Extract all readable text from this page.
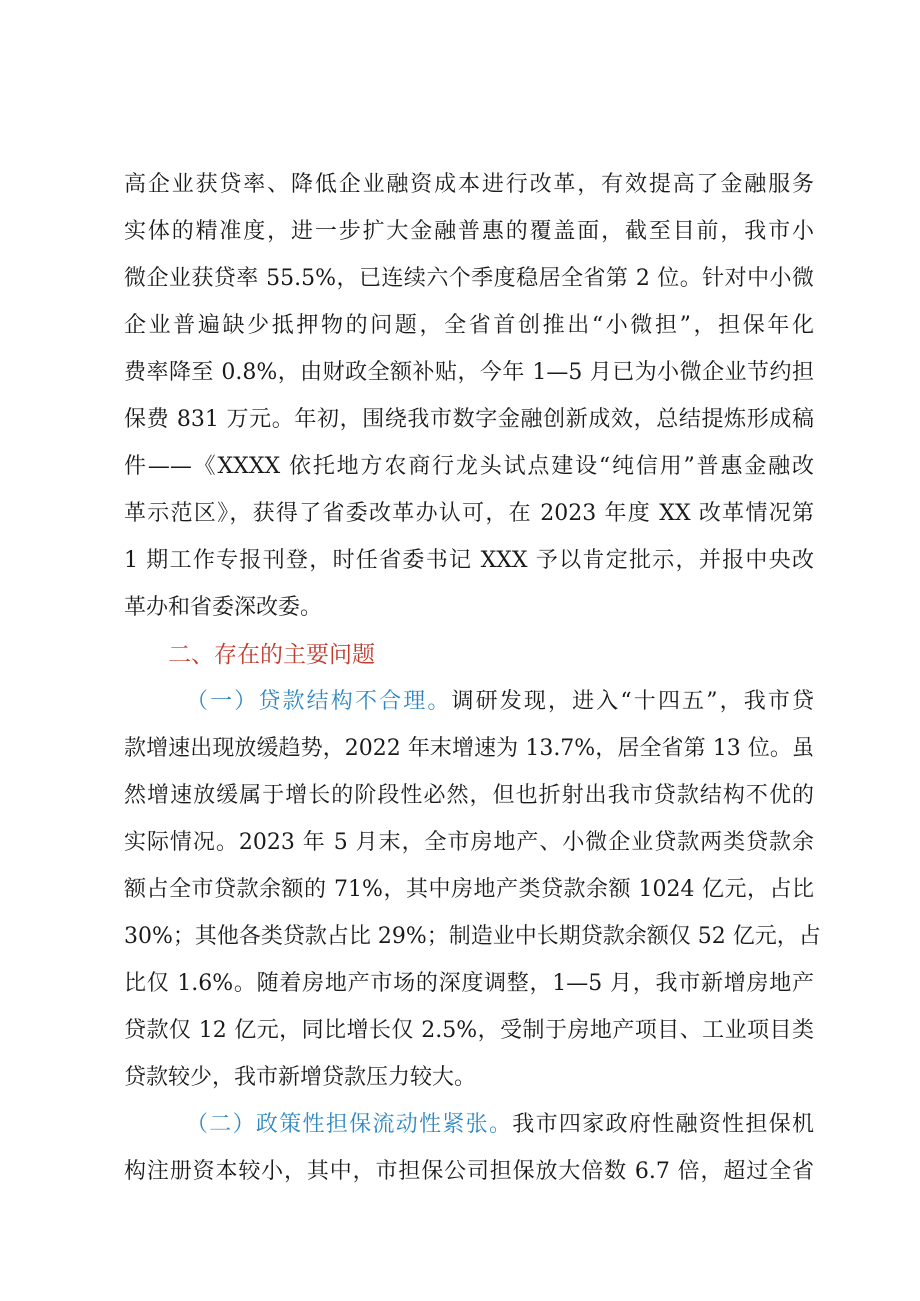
高企业获贷率、降低企业融资成本进行改革，有效提高了金融服务
实体的精准度，进一步扩大金融普惠的覆盖面，截至目前，我市小
微企业获贷率 55.5%，已连续六个季度稳居全省第 2 位。针对中小微
企业普遍缺少抵押物的问题，全省首创推出“小微担”，担保年化
费率降至 0.8%，由财政全额补贴，今年 1—5 月已为小微企业节约担
保费 831 万元。年初，围绕我市数字金融创新成效，总结提炼形成稿
件——《XXXX 依托地方农商行龙头试点建设“纯信用”普惠金融改
革示范区》，获得了省委改革办认可，在 2023 年度 XX 改革情况第
1 期工作专报刊登，时任省委书记 XXX 予以肯定批示，并报中央改
革办和省委深改委。
二、存在的主要问题
（一）贷款结构不合理。调研发现，进入“十四五”，我市贷
款增速出现放缓趋势，2022 年末增速为 13.7%，居全省第 13 位。虽
然增速放缓属于增长的阶段性必然，但也折射出我市贷款结构不优的
实际情况。2023 年 5 月末，全市房地产、小微企业贷款两类贷款余
额占全市贷款余额的 71%，其中房地产类贷款余额 1024 亿元，占比
30%；其他各类贷款占比 29%；制造业中长期贷款余额仅 52 亿元，占
比仅 1.6%。随着房地产市场的深度调整，1—5 月，我市新增房地产
贷款仅 12 亿元，同比增长仅 2.5%，受制于房地产项目、工业项目类
贷款较少，我市新增贷款压力较大。
（二）政策性担保流动性紧张。我市四家政府性融资性担保机
构注册资本较小，其中，市担保公司担保放大倍数 6.7 倍，超过全省
